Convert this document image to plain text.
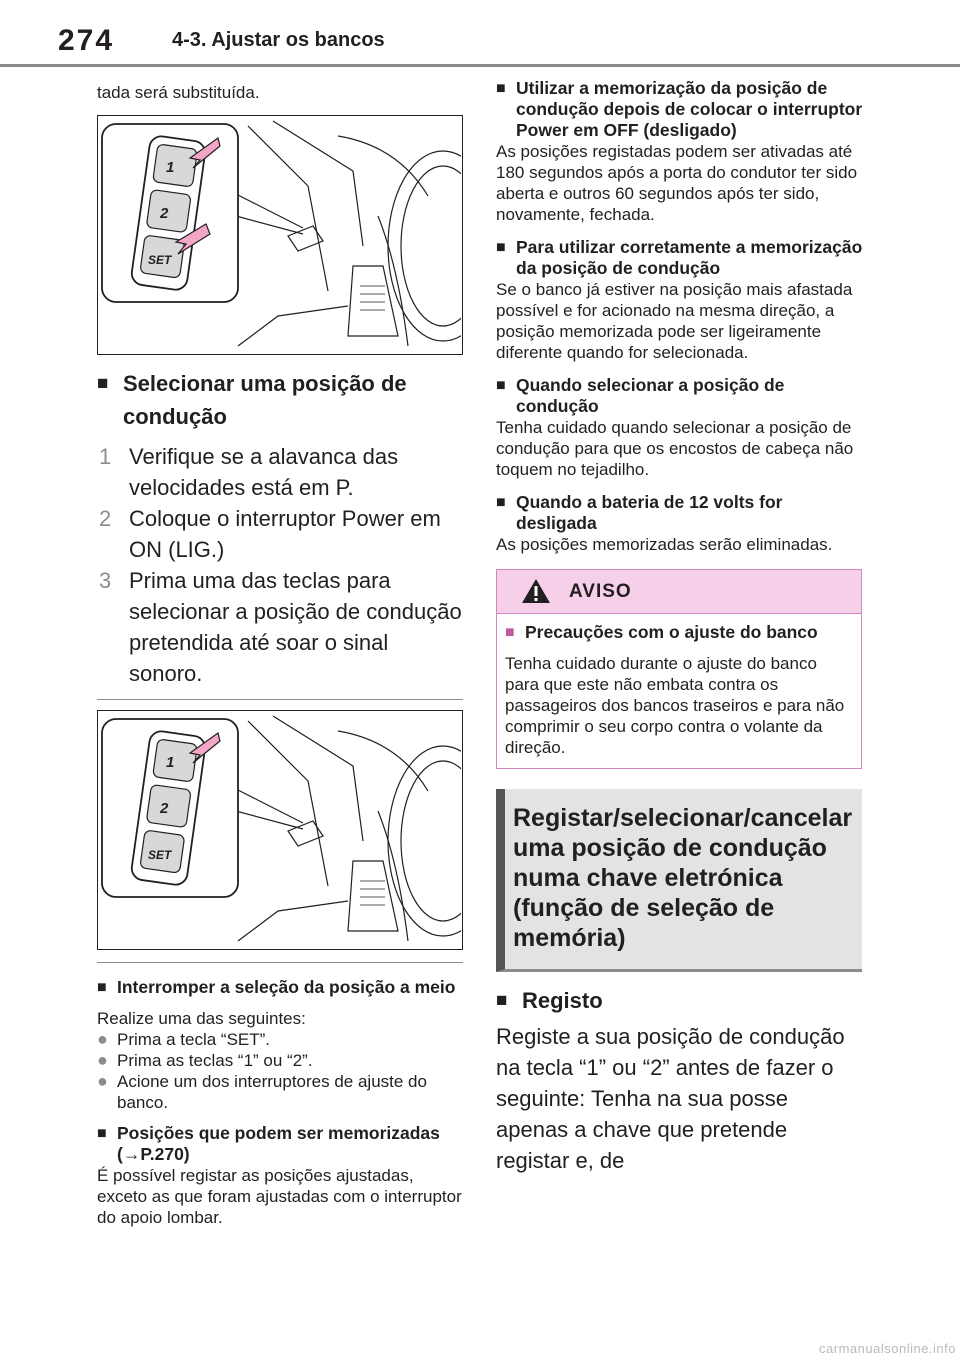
274	4-3. Ajustar os bancos
tada será substituída.
1
2
SET
■ Selecionar uma posição de condução
1 Verifique se a alavanca das velocidades está em P.
2 Coloque o interruptor Power em ON (LIG.)
3 Prima uma das teclas para selecionar a posição de condução pretendida até soar o sinal sonoro.
1
2
SET
■ Interromper a seleção da posição a meio
Realize uma das seguintes:
● Prima a tecla “SET”.
● Prima as teclas “1” ou “2”.
● Acione um dos interruptores de ajuste do banco.
■ Posições que podem ser memorizadas (→P.270)
É possível registar as posições ajustadas, exceto as que foram ajustadas com o interruptor do apoio lombar.
■ Utilizar a memorização da posição de condução depois de colocar o interruptor Power em OFF (desligado)
As posições registadas podem ser ativadas até 180 segundos após a porta do condutor ter sido aberta e outros 60 segundos após ter sido, novamente, fechada.
■ Para utilizar corretamente a memorização da posição de condução
Se o banco já estiver na posição mais afastada possível e for acionado na mesma direção, a posição memorizada pode ser ligeiramente diferente quando for selecionada.
■ Quando selecionar a posição de condução
Tenha cuidado quando selecionar a posição de condução para que os encostos de cabeça não toquem no tejadilho.
■ Quando a bateria de 12 volts for desligada
As posições memorizadas serão eliminadas.
AVISO
■ Precauções com o ajuste do banco
Tenha cuidado durante o ajuste do banco para que este não embata contra os passageiros dos bancos traseiros e para não comprimir o seu corpo contra o volante da direção.
Registar/selecionar/cancelar uma posição de condução numa chave eletrónica (função de seleção de memória)
■ Registo
Registe a sua posição de condução na tecla “1” ou “2” antes de fazer o seguinte: Tenha na sua posse apenas a chave que pretende registar e, de
carmanualsonline.info
